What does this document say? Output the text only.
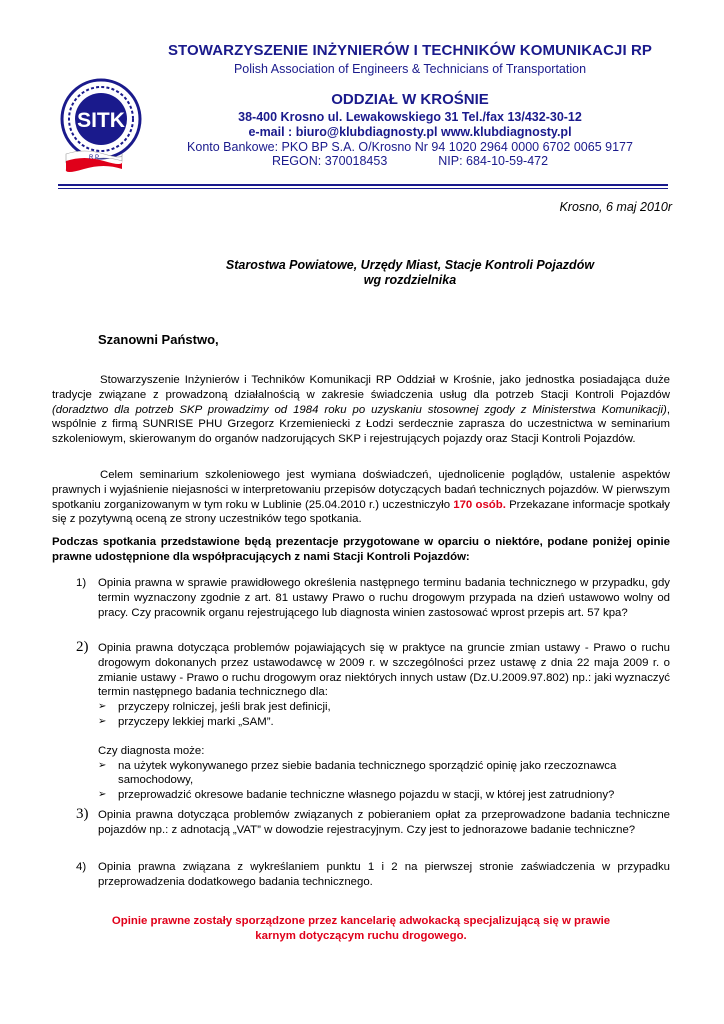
SITK
R P
STOWARZYSZENIE INŻYNIERÓW I TECHNIKÓW KOMUNIKACJI RP
Polish Association of Engineers & Technicians of Transportation
ODDZIAŁ W KROŚNIE
38-400 Krosno ul. Lewakowskiego 31 Tel./fax 13/432-30-12
e-mail : biuro@klubdiagnosty.pl www.klubdiagnosty.pl
Konto Bankowe: PKO BP S.A. O/Krosno Nr 94 1020 2964 0000 6702 0065 9177
REGON: 370018453	NIP: 684-10-59-472
Krosno, 6 maj 2010r
Starostwa Powiatowe, Urzędy Miast, Stacje Kontroli Pojazdów
wg rozdzielnika
Szanowni Państwo,
Stowarzyszenie Inżynierów i Techników Komunikacji RP Oddział w Krośnie, jako jednostka posiadająca duże tradycje związane z prowadzoną działalnością w zakresie świadczenia usług dla potrzeb Stacji Kontroli Pojazdów (doradztwo dla potrzeb SKP prowadzimy od 1984 roku po uzyskaniu stosownej zgody z Ministerstwa Komunikacji), wspólnie z firmą SUNRISE PHU Grzegorz Krzemieniecki z Łodzi serdecznie zaprasza do uczestnictwa w seminarium szkoleniowym, skierowanym do organów nadzorujących SKP i rejestrujących pojazdy oraz Stacji Kontroli Pojazdów.
Celem seminarium szkoleniowego jest wymiana doświadczeń, ujednolicenie poglądów, ustalenie aspektów prawnych i wyjaśnienie niejasności w interpretowaniu przepisów dotyczących badań technicznych pojazdów. W pierwszym spotkaniu zorganizowanym w tym roku w Lublinie (25.04.2010 r.) uczestniczyło 170 osób. Przekazane informacje spotkały się z pozytywną oceną ze strony uczestników tego spotkania.
Podczas spotkania przedstawione będą prezentacje przygotowane w oparciu o niektóre, podane poniżej opinie prawne udostępnione dla współpracujących z nami Stacji Kontroli Pojazdów:
1)	Opinia prawna w sprawie prawidłowego określenia następnego terminu badania technicznego w przypadku, gdy termin wyznaczony zgodnie z art. 81 ustawy Prawo o ruchu drogowym przypada na dzień ustawowo wolny od pracy. Czy pracownik organu rejestrującego lub diagnosta winien zastosować wprost przepis art. 57 kpa?
2) Opinia prawna dotycząca problemów pojawiających się w praktyce na gruncie zmian ustawy - Prawo o ruchu drogowym dokonanych przez ustawodawcę w 2009 r. w szczególności przez ustawę z dnia 22 maja 2009 r. o zmianie ustawy - Prawo o ruchu drogowym oraz niektórych innych ustaw (Dz.U.2009.97.802) np.: jaki wyznaczyć termin następnego badania technicznego dla:
➢ przyczepy rolniczej, jeśli brak jest definicji,
➢ przyczepy lekkiej marki „SAM”.
Czy diagnosta może:
➢ na użytek wykonywanego przez siebie badania technicznego sporządzić opinię jako rzeczoznawca samochodowy,
➢ przeprowadzić okresowe badanie techniczne własnego pojazdu w stacji, w której jest zatrudniony?
3) Opinia prawna dotycząca problemów związanych z pobieraniem opłat za przeprowadzone badania techniczne pojazdów np.: z adnotacją „VAT” w dowodzie rejestracyjnym. Czy jest to jednorazowe badanie techniczne?
4)	Opinia prawna związana z wykreślaniem punktu 1 i 2 na pierwszej stronie zaświadczenia w przypadku przeprowadzenia dodatkowego badania technicznego.
Opinie prawne zostały sporządzone przez kancelarię adwokacką specjalizującą się w prawie
karnym dotyczącym ruchu drogowego.
